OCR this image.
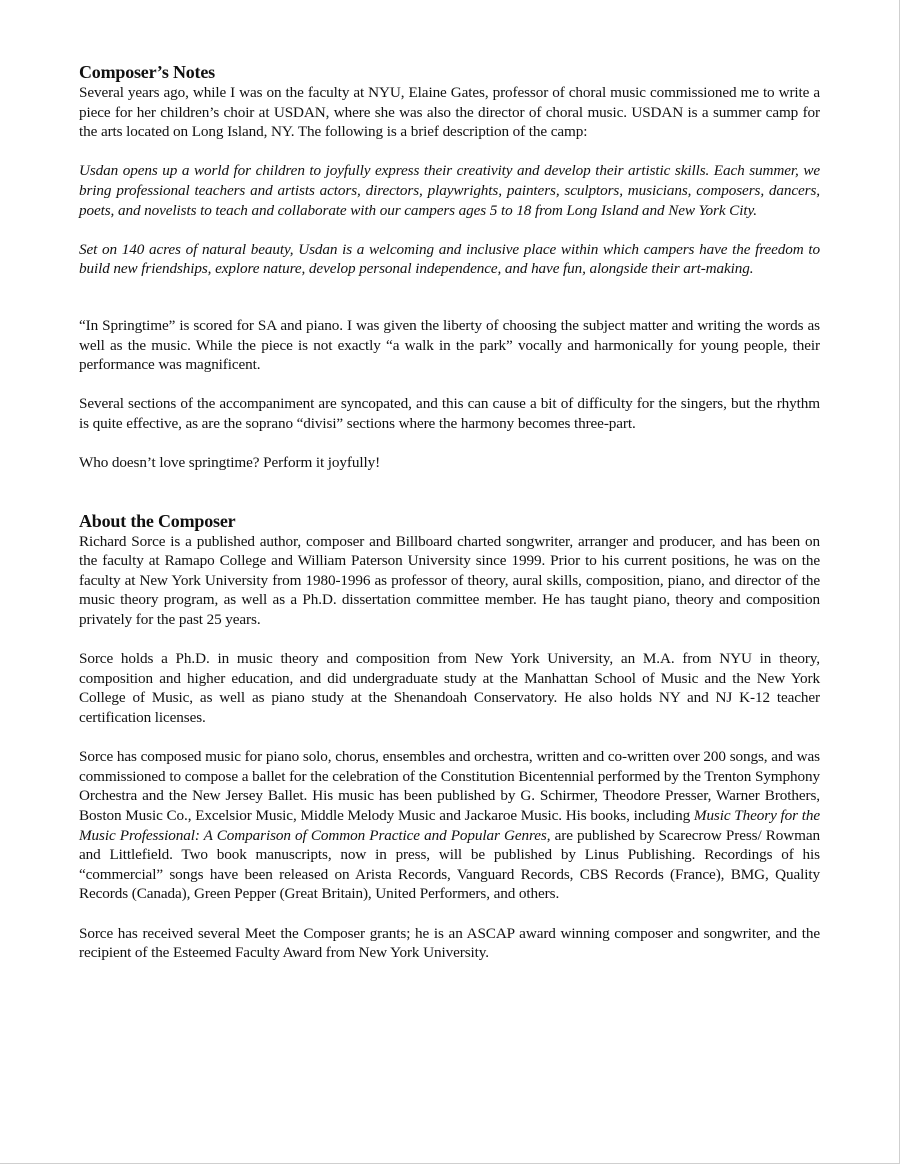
Composer’s Notes

Several years ago, while I was on the faculty at NYU, Elaine Gates, professor of choral music commissioned me to write a piece for her children’s choir at USDAN, where she was also the director of choral music. USDAN is a summer camp for the arts located on Long Island, NY. The following is a brief description of the camp:

Usdan opens up a world for children to joyfully express their creativity and develop their artistic skills. Each summer, we bring professional teachers and artists actors, directors, playwrights, painters, sculptors, musicians, composers, dancers, poets, and novelists to teach and collaborate with our campers ages 5 to 18 from Long Island and New York City.

Set on 140 acres of natural beauty, Usdan is a welcoming and inclusive place within which campers have the freedom to build new friendships, explore nature, develop personal independence, and have fun, alongside their art-making.

“In Springtime” is scored for SA and piano. I was given the liberty of choosing the subject matter and writing the words as well as the music. While the piece is not exactly “a walk in the park” vocally and harmonically for young people, their performance was magnificent.

Several sections of the accompaniment are syncopated, and this can cause a bit of difficulty for the singers, but the rhythm is quite effective, as are the soprano “divisi” sections where the harmony becomes three-part.

Who doesn’t love springtime? Perform it joyfully!

About the Composer

Richard Sorce is a published author, composer and Billboard charted songwriter, arranger and producer, and has been on the faculty at Ramapo College and William Paterson University since 1999. Prior to his current positions, he was on the faculty at New York University from 1980-1996 as professor of theory, aural skills, composition, piano, and director of the music theory program, as well as a Ph.D. dissertation committee member. He has taught piano, theory and composition privately for the past 25 years.

Sorce holds a Ph.D. in music theory and composition from New York University, an M.A. from NYU in theory, composition and higher education, and did undergraduate study at the Manhattan School of Music and the New York College of Music, as well as piano study at the Shenandoah Conservatory. He also holds NY and NJ K-12 teacher certification licenses.

Sorce has composed music for piano solo, chorus, ensembles and orchestra, written and co-written over 200 songs, and was commissioned to compose a ballet for the celebration of the Constitution Bicentennial performed by the Trenton Symphony Orchestra and the New Jersey Ballet. His music has been published by G. Schirmer, Theodore Presser, Warner Brothers, Boston Music Co., Excelsior Music, Middle Melody Music and Jackaroe Music. His books, including Music Theory for the Music Professional: A Comparison of Common Practice and Popular Genres, are published by Scarecrow Press/ Rowman and Littlefield. Two book manuscripts, now in press, will be published by Linus Publishing. Recordings of his “commercial” songs have been released on Arista Records, Vanguard Records, CBS Records (France), BMG, Quality Records (Canada), Green Pepper (Great Britain), United Performers, and others.

Sorce has received several Meet the Composer grants; he is an ASCAP award winning composer and songwriter, and the recipient of the Esteemed Faculty Award from New York University.
